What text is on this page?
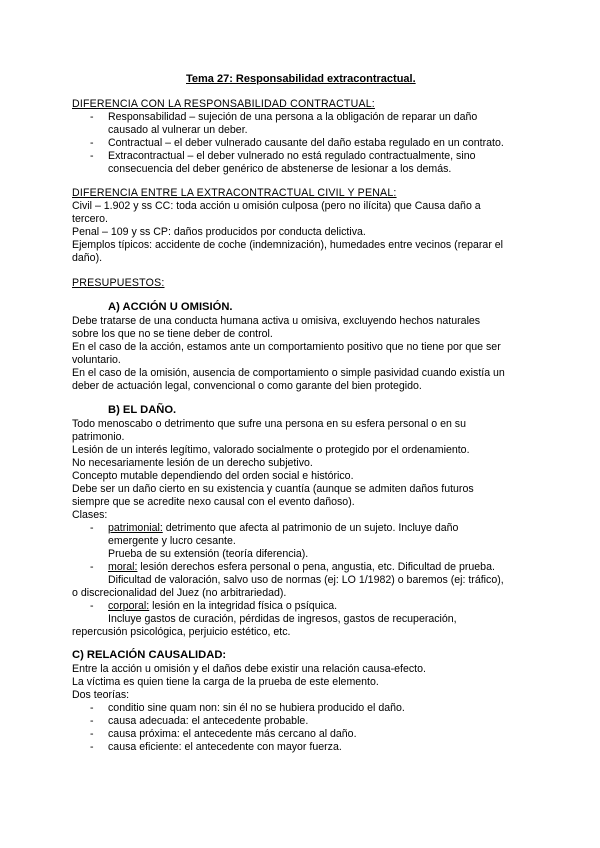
Tema 27: Responsabilidad extracontractual.
DIFERENCIA CON LA RESPONSABILIDAD CONTRACTUAL:
- Responsabilidad – sujeción de una persona a la obligación de reparar un daño
causado al vulnerar un deber.
- Contractual – el deber vulnerado causante del daño estaba regulado en un contrato.
- Extracontractual – el deber vulnerado no está regulado contractualmente, sino
consecuencia del deber genérico de abstenerse de lesionar a los demás.
DIFERENCIA ENTRE LA EXTRACONTRACTUAL CIVIL Y PENAL:
Civil – 1.902 y ss CC: toda acción u omisión culposa (pero no ilícita) que Causa daño a
tercero.
Penal – 109 y ss CP: daños producidos por conducta delictiva.
Ejemplos típicos: accidente de coche (indemnización), humedades entre vecinos (reparar el
daño).
PRESUPUESTOS:
A) ACCIÓN U OMISIÓN.
Debe tratarse de una conducta humana activa u omisiva, excluyendo hechos naturales
sobre los que no se tiene deber de control.
En el caso de la acción, estamos ante un comportamiento positivo que no tiene por que ser
voluntario.
En el caso de la omisión, ausencia de comportamiento o simple pasividad cuando existía un
deber de actuación legal, convencional o como garante del bien protegido.
B) EL DAÑO.
Todo menoscabo o detrimento que sufre una persona en su esfera personal o en su
patrimonio.
Lesión de un interés legítimo, valorado socialmente o protegido por el ordenamiento.
No necesariamente lesión de un derecho subjetivo.
Concepto mutable dependiendo del orden social e histórico.
Debe ser un daño cierto en su existencia y cuantía (aunque se admiten daños futuros
siempre que se acredite nexo causal con el evento dañoso).
Clases:
- patrimonial: detrimento que afecta al patrimonio de un sujeto. Incluye daño
emergente y lucro cesante.
Prueba de su extensión (teoría diferencia).
- moral: lesión derechos esfera personal o pena, angustia, etc. Dificultad de prueba.
Dificultad de valoración, salvo uso de normas (ej: LO 1/1982) o baremos (ej: tráfico),
o discrecionalidad del Juez (no arbitrariedad).
- corporal: lesión en la integridad física o psíquica.
Incluye gastos de curación, pérdidas de ingresos, gastos de recuperación,
repercusión psicológica, perjuicio estético, etc.
C) RELACIÓN CAUSALIDAD:
Entre la acción u omisión y el daños debe existir una relación causa-efecto.
La víctima es quien tiene la carga de la prueba de este elemento.
Dos teorías:
- conditio sine quam non: sin él no se hubiera producido el daño.
- causa adecuada: el antecedente probable.
- causa próxima: el antecedente más cercano al daño.
- causa eficiente: el antecedente con mayor fuerza.
